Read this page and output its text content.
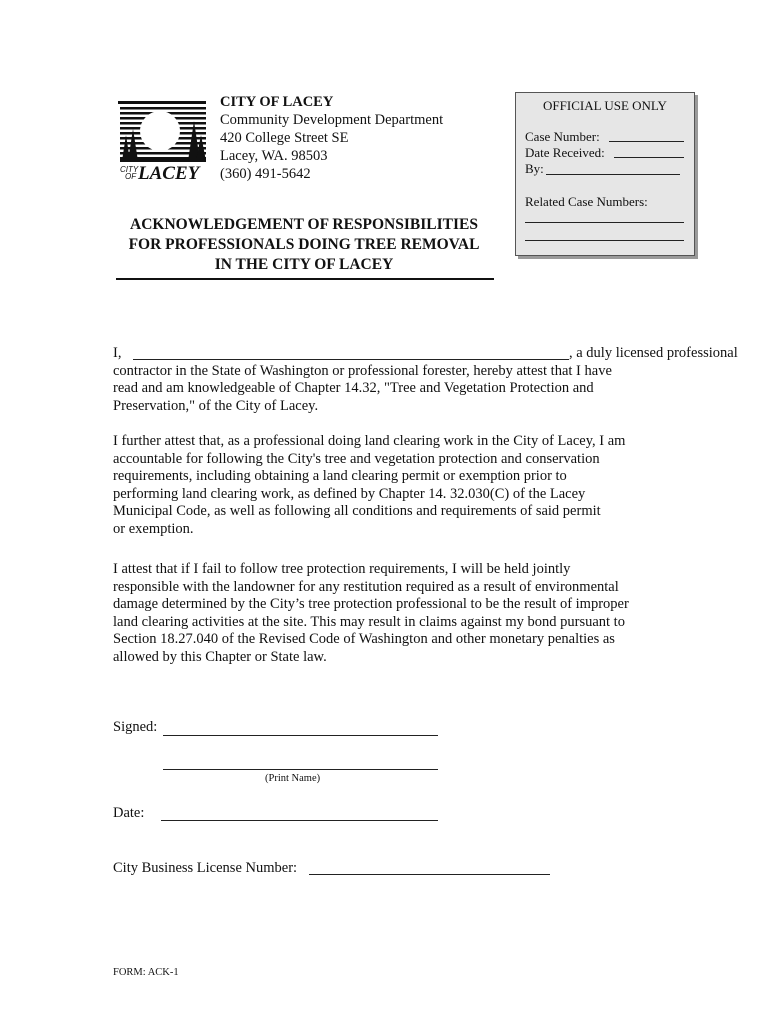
CITY
OF LACEY
CITY OF LACEY
Community Development Department
420 College Street SE
Lacey, WA. 98503
(360) 491-5642
OFFICIAL USE ONLY
Case Number:
Date Received:
By:
Related Case Numbers:
ACKNOWLEDGEMENT OF RESPONSIBILITIES
FOR PROFESSIONALS DOING TREE REMOVAL
IN THE CITY OF LACEY
I,	, a duly licensed professional
contractor in the State of Washington or professional forester, hereby attest that I have
read and am knowledgeable of Chapter 14.32, "Tree and Vegetation Protection and
Preservation," of the City of Lacey.
I further attest that, as a professional doing land clearing work in the City of Lacey, I am
accountable for following the City's tree and vegetation protection and conservation
requirements, including obtaining a land clearing permit or exemption prior to
performing land clearing work, as defined by Chapter 14. 32.030(C) of the Lacey
Municipal Code, as well as following all conditions and requirements of said permit
or exemption.
I attest that if I fail to follow tree protection requirements, I will be held jointly
responsible with the landowner for any restitution required as a result of environmental
damage determined by the City’s tree protection professional to be the result of improper
land clearing activities at the site. This may result in claims against my bond pursuant to
Section 18.27.040 of the Revised Code of Washington and other monetary penalties as
allowed by this Chapter or State law.
Signed:
(Print Name)
Date:
City Business License Number:
FORM: ACK-1
